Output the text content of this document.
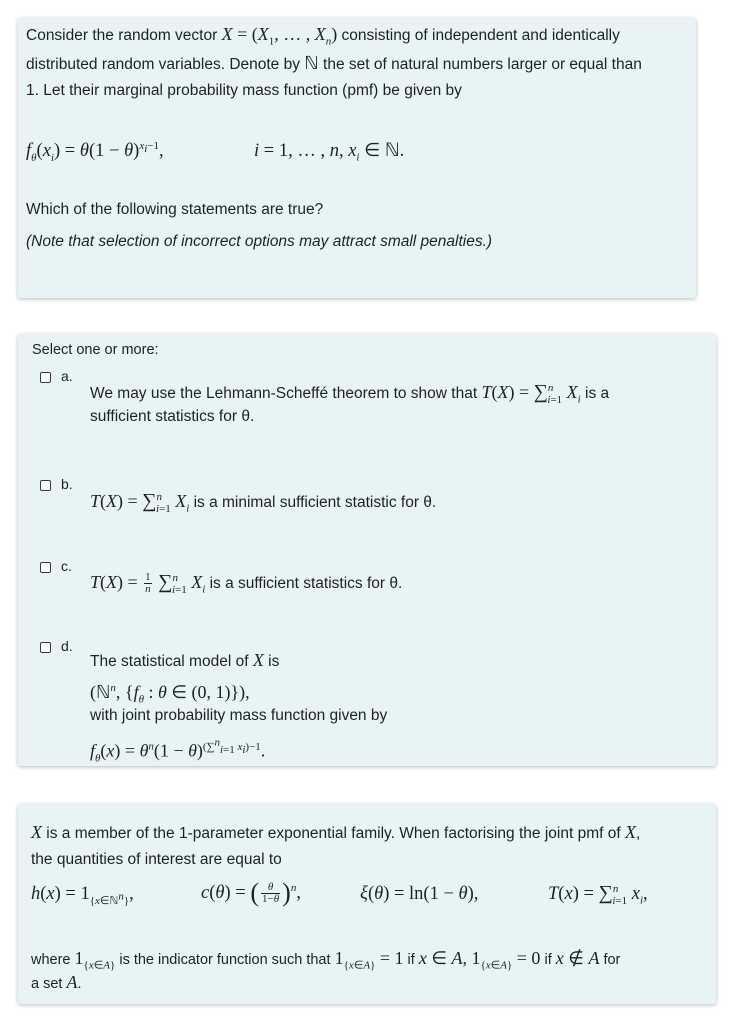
Consider the random vector $X = (X_1$, … , $X_n$) consisting of independent and identically
distributed random variables. Denote by ℕ the set of natural numbers larger or equal than
1. Let their marginal probability mass function (pmf) be given by
$f_\theta(x_i) = \theta(1 - \theta)^{x_i-1}$,	i = 1, … , n, $x_i$ ∈ ℕ.
Which of the following statements are true?
(Note that selection of incorrect options may attract small penalties.)
Select one or more:
a.
We may use the Lehmann-Scheffé theorem to show that T(X) = ∑$^n_{i=1}$ $X_i$ is a
sufficient statistics for θ.
b.
T(X) = ∑$^n_{i=1}$ $X_i$ is a minimal sufficient statistic for θ.
c.
$T(X) = \frac{1}{n} \sum^n_{i=1}$ $X_i$ is a sufficient statistics for θ.
d.
The statistical model of X is
(ℕ$^n$, {$f_\theta$ : θ ∈ (0, 1)}),
with joint probability mass function given by
$f_\theta(x) = \theta^n(1 - \theta)^{(\sum^n_{i=1} x_i)-1}$.
X is a member of the 1-parameter exponential family. When factorising the joint pmf of X,
the quantities of interest are equal to
$h(x) = 1_{\{x\in ℕ^n\}}$,	c(θ) = ( $\frac{\theta}{1-\theta} )^n$,	ξ(θ) = ln(1 − θ),	T(x) = ∑$^n_{i=1}$ $x_i$,
where $1_{\{x\in A\}}$ is the indicator function such that $1_{\{x\in A\}} = 1$ if x ∈ A, $1_{\{x\in A\}} = 0$ if x ∉ A for
a set A.
